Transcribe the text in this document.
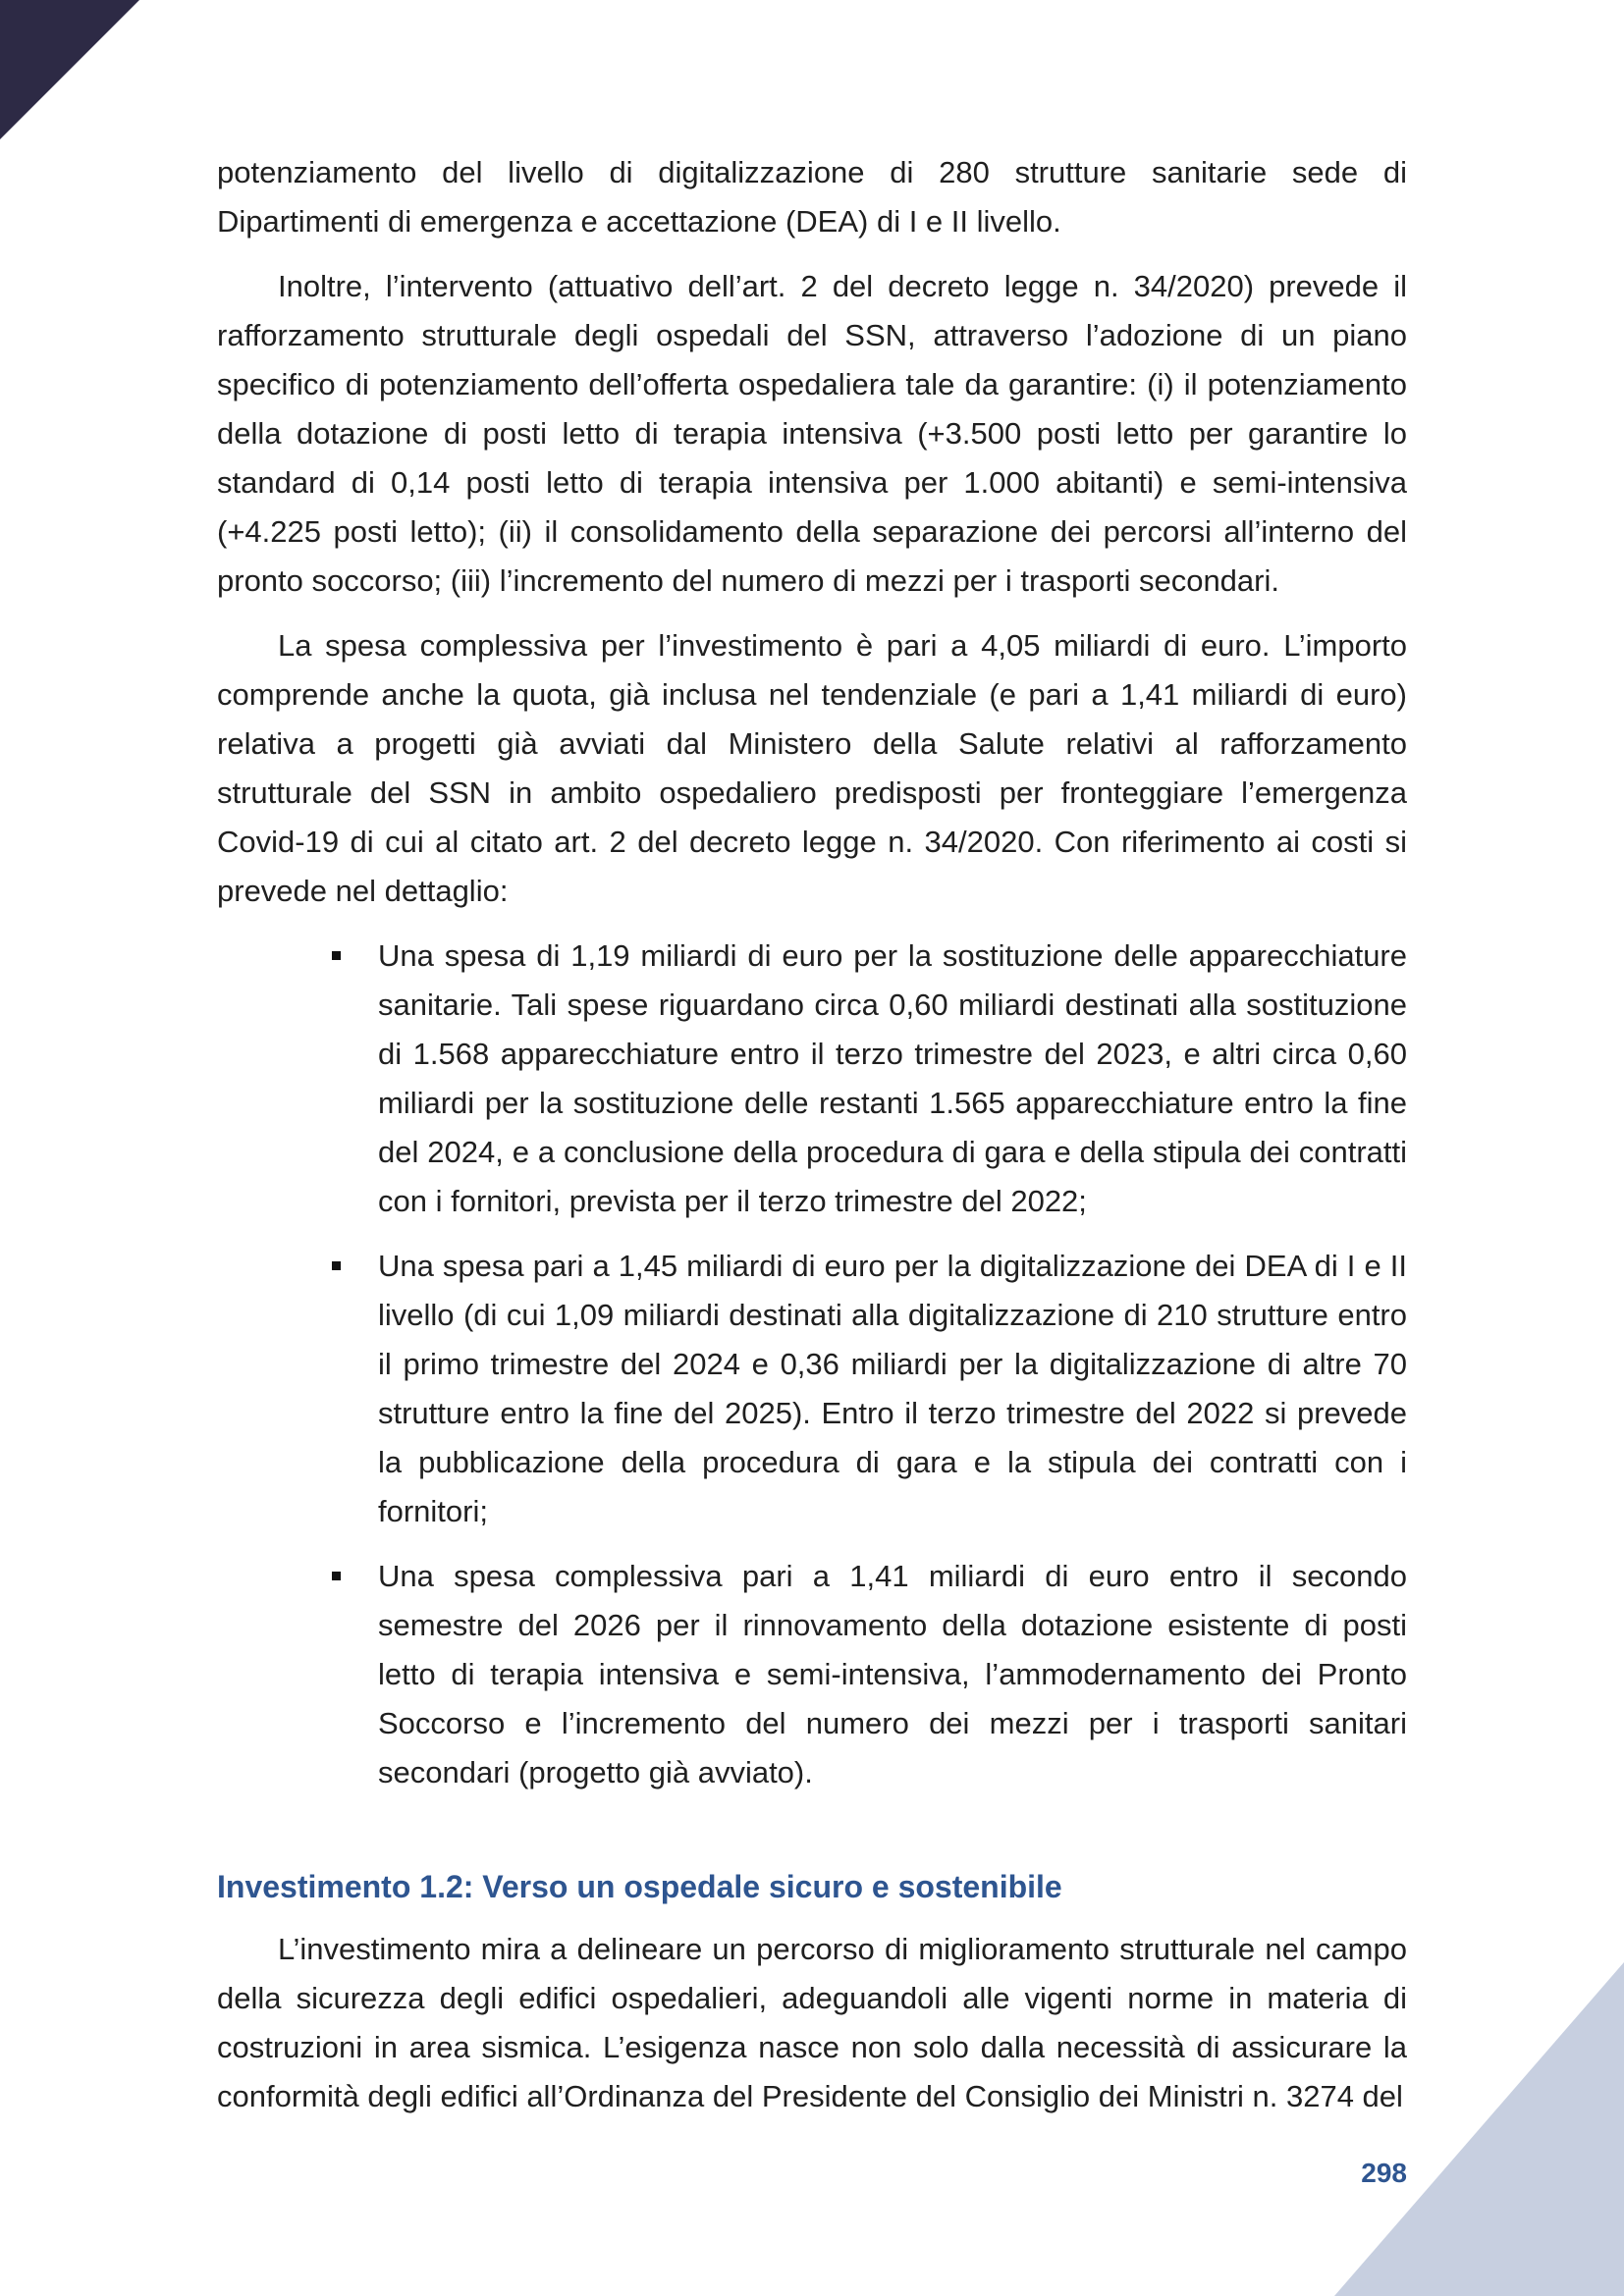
potenziamento del livello di digitalizzazione di 280 strutture sanitarie sede di Dipartimenti di emergenza e accettazione (DEA) di I e II livello.

Inoltre, l’intervento (attuativo dell’art. 2 del decreto legge n. 34/2020) prevede il rafforzamento strutturale degli ospedali del SSN, attraverso l’adozione di un piano specifico di potenziamento dell’offerta ospedaliera tale da garantire: (i) il potenziamento della dotazione di posti letto di terapia intensiva (+3.500 posti letto per garantire lo standard di 0,14 posti letto di terapia intensiva per 1.000 abitanti) e semi-intensiva (+4.225 posti letto); (ii) il consolidamento della separazione dei percorsi all’interno del pronto soccorso; (iii) l’incremento del numero di mezzi per i trasporti secondari.

La spesa complessiva per l’investimento è pari a 4,05 miliardi di euro. L’importo comprende anche la quota, già inclusa nel tendenziale (e pari a 1,41 miliardi di euro) relativa a progetti già avviati dal Ministero della Salute relativi al rafforzamento strutturale del SSN in ambito ospedaliero predisposti per fronteggiare l’emergenza Covid-19 di cui al citato art. 2 del decreto legge n. 34/2020. Con riferimento ai costi si prevede nel dettaglio:

Una spesa di 1,19 miliardi di euro per la sostituzione delle apparecchiature sanitarie. Tali spese riguardano circa 0,60 miliardi destinati alla sostituzione di 1.568 apparecchiature entro il terzo trimestre del 2023, e altri circa 0,60 miliardi per la sostituzione delle restanti 1.565 apparecchiature entro la fine del 2024, e a conclusione della procedura di gara e della stipula dei contratti con i fornitori, prevista per il terzo trimestre del 2022;
Una spesa pari a 1,45 miliardi di euro per la digitalizzazione dei DEA di I e II livello (di cui 1,09 miliardi destinati alla digitalizzazione di 210 strutture entro il primo trimestre del 2024 e 0,36 miliardi per la digitalizzazione di altre 70 strutture entro la fine del 2025). Entro il terzo trimestre del 2022 si prevede la pubblicazione della procedura di gara e la stipula dei contratti con i fornitori;
Una spesa complessiva pari a 1,41 miliardi di euro entro il secondo semestre del 2026 per il rinnovamento della dotazione esistente di posti letto di terapia intensiva e semi-intensiva, l’ammodernamento dei Pronto Soccorso e l’incremento del numero dei mezzi per i trasporti sanitari secondari (progetto già avviato).
Investimento 1.2: Verso un ospedale sicuro e sostenibile

L’investimento mira a delineare un percorso di miglioramento strutturale nel campo della sicurezza degli edifici ospedalieri, adeguandoli alle vigenti norme in materia di costruzioni in area sismica. L’esigenza nasce non solo dalla necessità di assicurare la conformità degli edifici all’Ordinanza del Presidente del Consiglio dei Ministri n. 3274 del

298
